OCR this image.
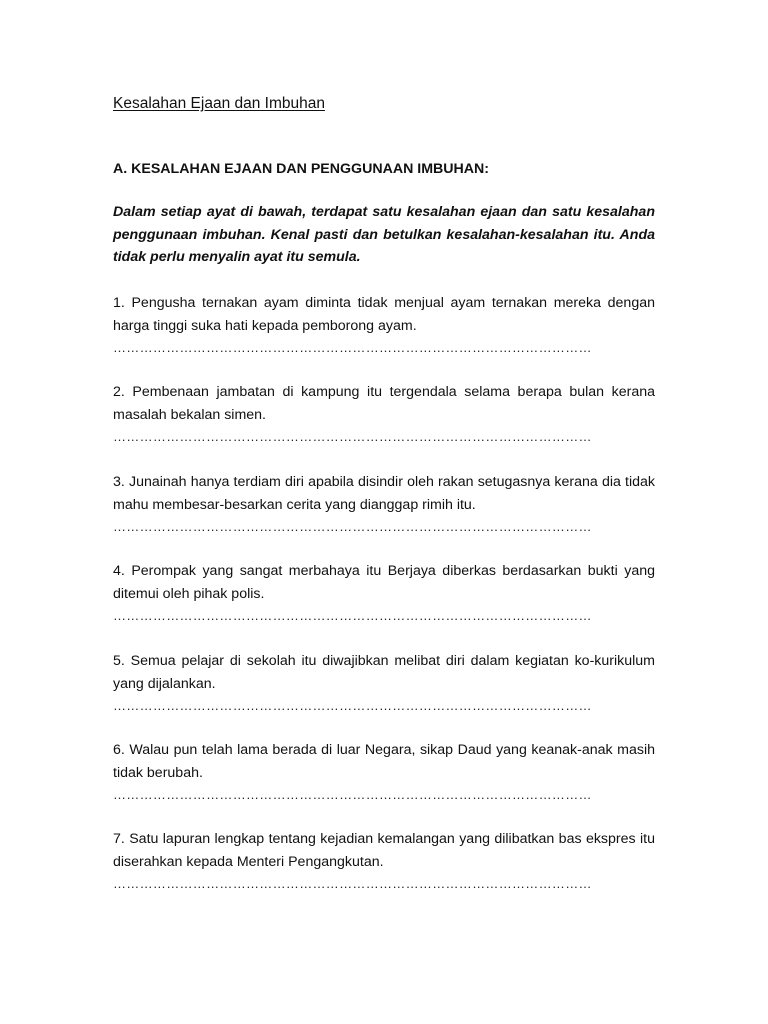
Kesalahan Ejaan dan Imbuhan
A. KESALAHAN EJAAN DAN PENGGUNAAN IMBUHAN:
Dalam setiap ayat di bawah, terdapat satu kesalahan ejaan dan satu kesalahan penggunaan imbuhan. Kenal pasti dan betulkan kesalahan-kesalahan itu. Anda tidak perlu menyalin ayat itu semula.
1. Pengusha ternakan ayam diminta tidak menjual ayam ternakan mereka dengan harga tinggi suka hati kepada pemborong ayam.
………………………………………………………………………………………………
2. Pembenaan jambatan di kampung itu tergendala selama berapa bulan kerana masalah bekalan simen.
………………………………………………………………………………………………
3. Junainah hanya terdiam diri apabila disindir oleh rakan setugasnya kerana dia tidak mahu membesar-besarkan cerita yang dianggap rimih itu.
………………………………………………………………………………………………
4. Perompak yang sangat merbahaya itu Berjaya diberkas berdasarkan bukti yang ditemui oleh pihak polis.
………………………………………………………………………………………………
5. Semua pelajar di sekolah itu diwajibkan melibat diri dalam kegiatan ko-kurikulum yang dijalankan.
………………………………………………………………………………………………
6. Walau pun telah lama berada di luar Negara, sikap Daud yang keanak-anak masih tidak berubah.
………………………………………………………………………………………………
7. Satu lapuran lengkap tentang kejadian kemalangan yang dilibatkan bas ekspres itu diserahkan kepada Menteri Pengangkutan.
………………………………………………………………………………………………
